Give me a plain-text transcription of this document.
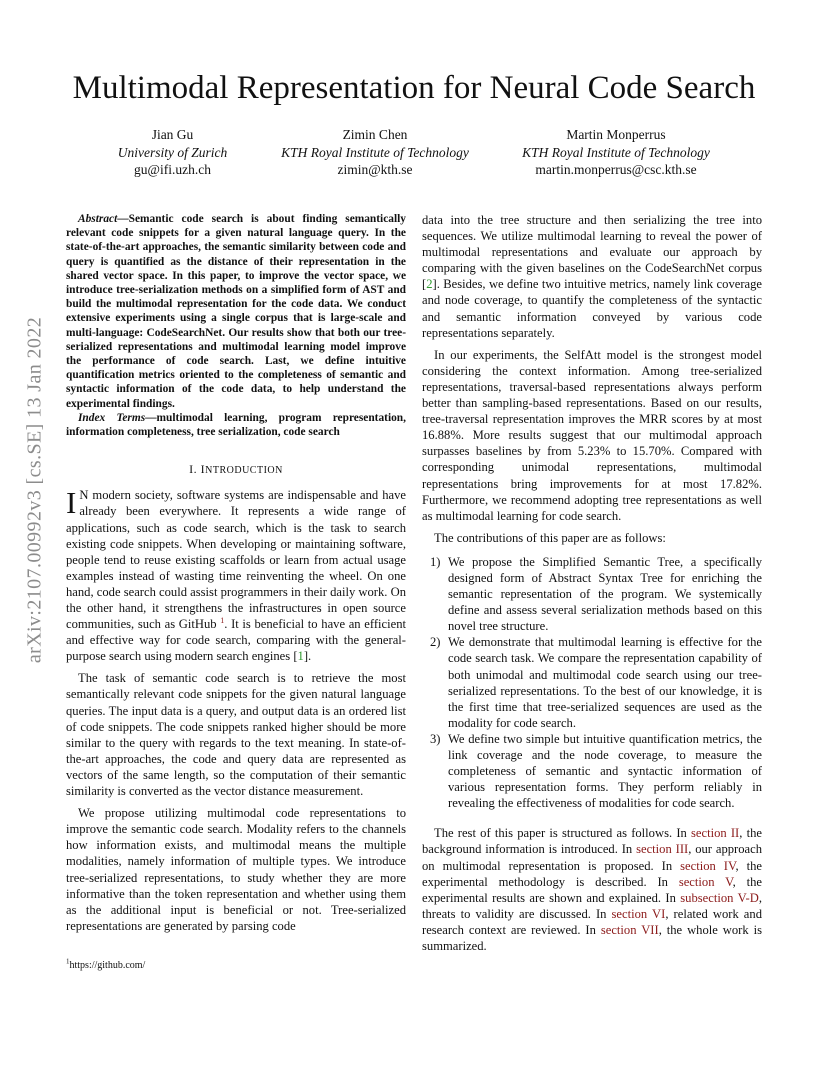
Multimodal Representation for Neural Code Search
Jian Gu
University of Zurich
gu@ifi.uzh.ch
Zimin Chen
KTH Royal Institute of Technology
zimin@kth.se
Martin Monperrus
KTH Royal Institute of Technology
martin.monperrus@csc.kth.se
arXiv:2107.00992v3 [cs.SE] 13 Jan 2022

Abstract—Semantic code search is about finding semantically relevant code snippets for a given natural language query. In the state-of-the-art approaches, the semantic similarity between code and query is quantified as the distance of their representation in the shared vector space. In this paper, to improve the vector space, we introduce tree-serialization methods on a simplified form of AST and build the multimodal representation for the code data. We conduct extensive experiments using a single corpus that is large-scale and multi-language: CodeSearchNet. Our results show that both our tree-serialized representations and multimodal learning model improve the performance of code search. Last, we define intuitive quantification metrics oriented to the completeness of semantic and syntactic information of the code data, to help understand the experimental findings.

Index Terms—multimodal learning, program representation, information completeness, tree serialization, code search

I. INTRODUCTION

I N modern society, software systems are indispensable and have already been everywhere. It represents a wide range of applications, such as code search, which is the task to search existing code snippets. When developing or maintaining software, people tend to reuse existing scaffolds or learn from actual usage examples instead of wasting time reinventing the wheel. On one hand, code search could assist programmers in their daily work. On the other hand, it strengthens the infrastructures in open source communities, such as GitHub $^1$. It is beneficial to have an efficient and effective way for code search, comparing with the general-purpose search using modern search engines [1].

The task of semantic code search is to retrieve the most semantically relevant code snippets for the given natural language queries. The input data is a query, and output data is an ordered list of code snippets. The code snippets ranked higher should be more similar to the query with regards to the text meaning. In state-of-the-art approaches, the code and query data are represented as vectors of the same length, so the computation of their semantic similarity is converted as the vector distance measurement.

We propose utilizing multimodal code representations to improve the semantic code search. Modality refers to the channels how information exists, and multimodal means the multiple modalities, namely information of multiple types. We introduce tree-serialized representations, to study whether they are more informative than the token representation and whether using them as the additional input is beneficial or not. Tree-serialized representations are generated by parsing code

$^1$https://github.com/

data into the tree structure and then serializing the tree into sequences. We utilize multimodal learning to reveal the power of multimodal representations and evaluate our approach by comparing with the given baselines on the CodeSearchNet corpus [2]. Besides, we define two intuitive metrics, namely link coverage and node coverage, to quantify the completeness of the syntactic and semantic information conveyed by various code representations separately.

In our experiments, the SelfAtt model is the strongest model considering the context information. Among tree-serialized representations, traversal-based representations always perform better than sampling-based representations. Based on our results, tree-traversal representation improves the MRR scores by at most 16.88%. More results suggest that our multimodal approach surpasses baselines by from 5.23% to 15.70%. Compared with corresponding unimodal representations, multimodal representations bring improvements for at most 17.82%. Furthermore, we recommend adopting tree representations as well as multimodal learning for code search.

The contributions of this paper are as follows:

1) We propose the Simplified Semantic Tree, a specifically designed form of Abstract Syntax Tree for enriching the semantic representation of the program. We systemically define and assess several serialization methods based on this novel tree structure.
2) We demonstrate that multimodal learning is effective for the code search task. We compare the representation capability of both unimodal and multimodal code search using our tree-serialized representations. To the best of our knowledge, it is the first time that tree-serialized sequences are used as the modality for code search.
3) We define two simple but intuitive quantification metrics, the link coverage and the node coverage, to measure the completeness of semantic and syntactic information of various representation forms. They perform reliably in revealing the effectiveness of modalities for code search.

The rest of this paper is structured as follows. In section II, the background information is introduced. In section III, our approach on multimodal representation is proposed. In section IV, the experimental methodology is described. In section V, the experimental results are shown and explained. In subsection V-D, threats to validity are discussed. In section VI, related work and research context are reviewed. In section VII, the whole work is summarized.
